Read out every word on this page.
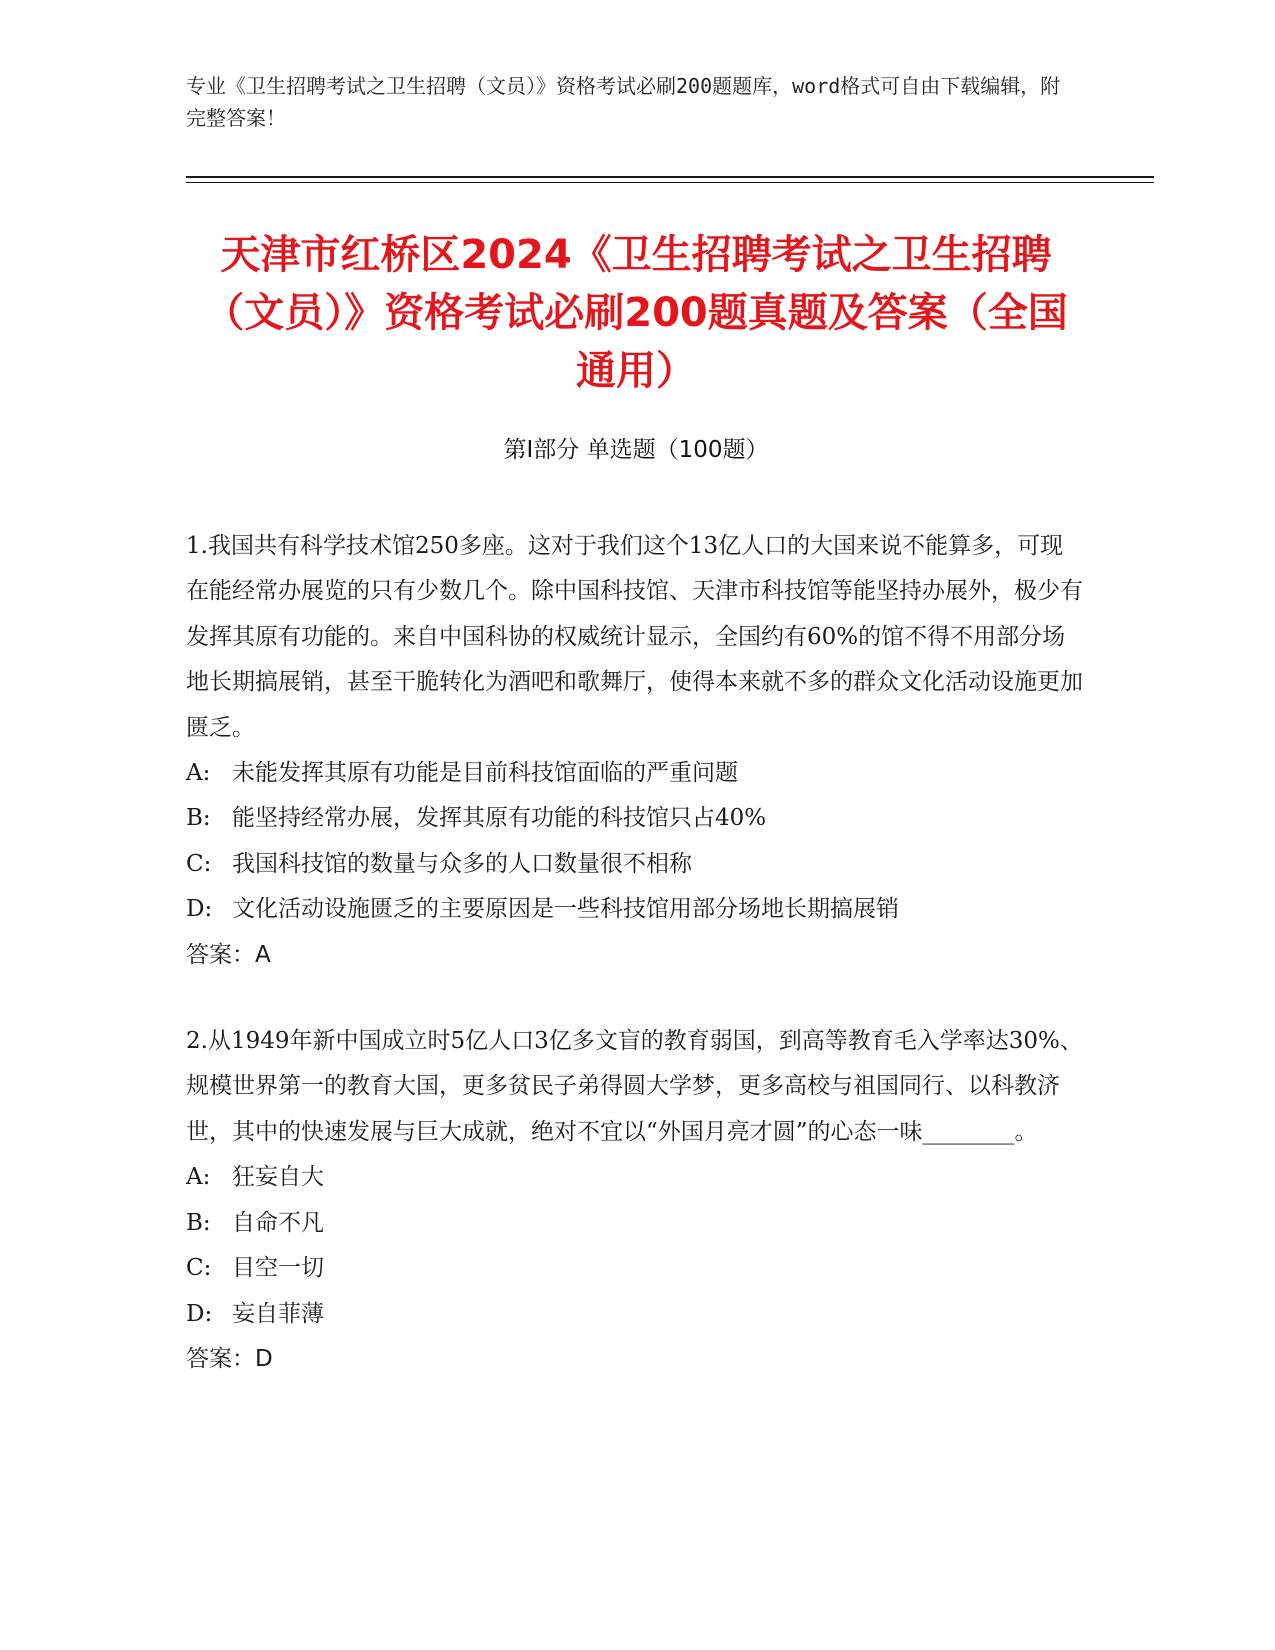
专业《卫生招聘考试之卫生招聘（文员）》资格考试必刷200题题库，word格式可自由下载编辑，附完整答案！
天津市红桥区2024《卫生招聘考试之卫生招聘（文员）》资格考试必刷200题真题及答案（全国通用）
第Ⅰ部分 单选题（100题）

1.我国共有科学技术馆250多座。这对于我们这个13亿人口的大国来说不能算多，可现在能经常办展览的只有少数几个。除中国科技馆、天津市科技馆等能坚持办展外，极少有发挥其原有功能的。来自中国科协的权威统计显示，全国约有60%的馆不得不用部分场地长期搞展销，甚至干脆转化为酒吧和歌舞厅，使得本来就不多的群众文化活动设施更加匮乏。

A: 未能发挥其原有功能是目前科技馆面临的严重问题

B: 能坚持经常办展，发挥其原有功能的科技馆只占40%

C: 我国科技馆的数量与众多的人口数量很不相称

D: 文化活动设施匮乏的主要原因是一些科技馆用部分场地长期搞展销

答案：A

2.从1949年新中国成立时5亿人口3亿多文盲的教育弱国，到高等教育毛入学率达30%、规模世界第一的教育大国，更多贫民子弟得圆大学梦，更多高校与祖国同行、以科教济世，其中的快速发展与巨大成就，绝对不宜以“外国月亮才圆”的心态一味________。

A: 狂妄自大

B: 自命不凡

C: 目空一切

D: 妄自菲薄

答案：D
